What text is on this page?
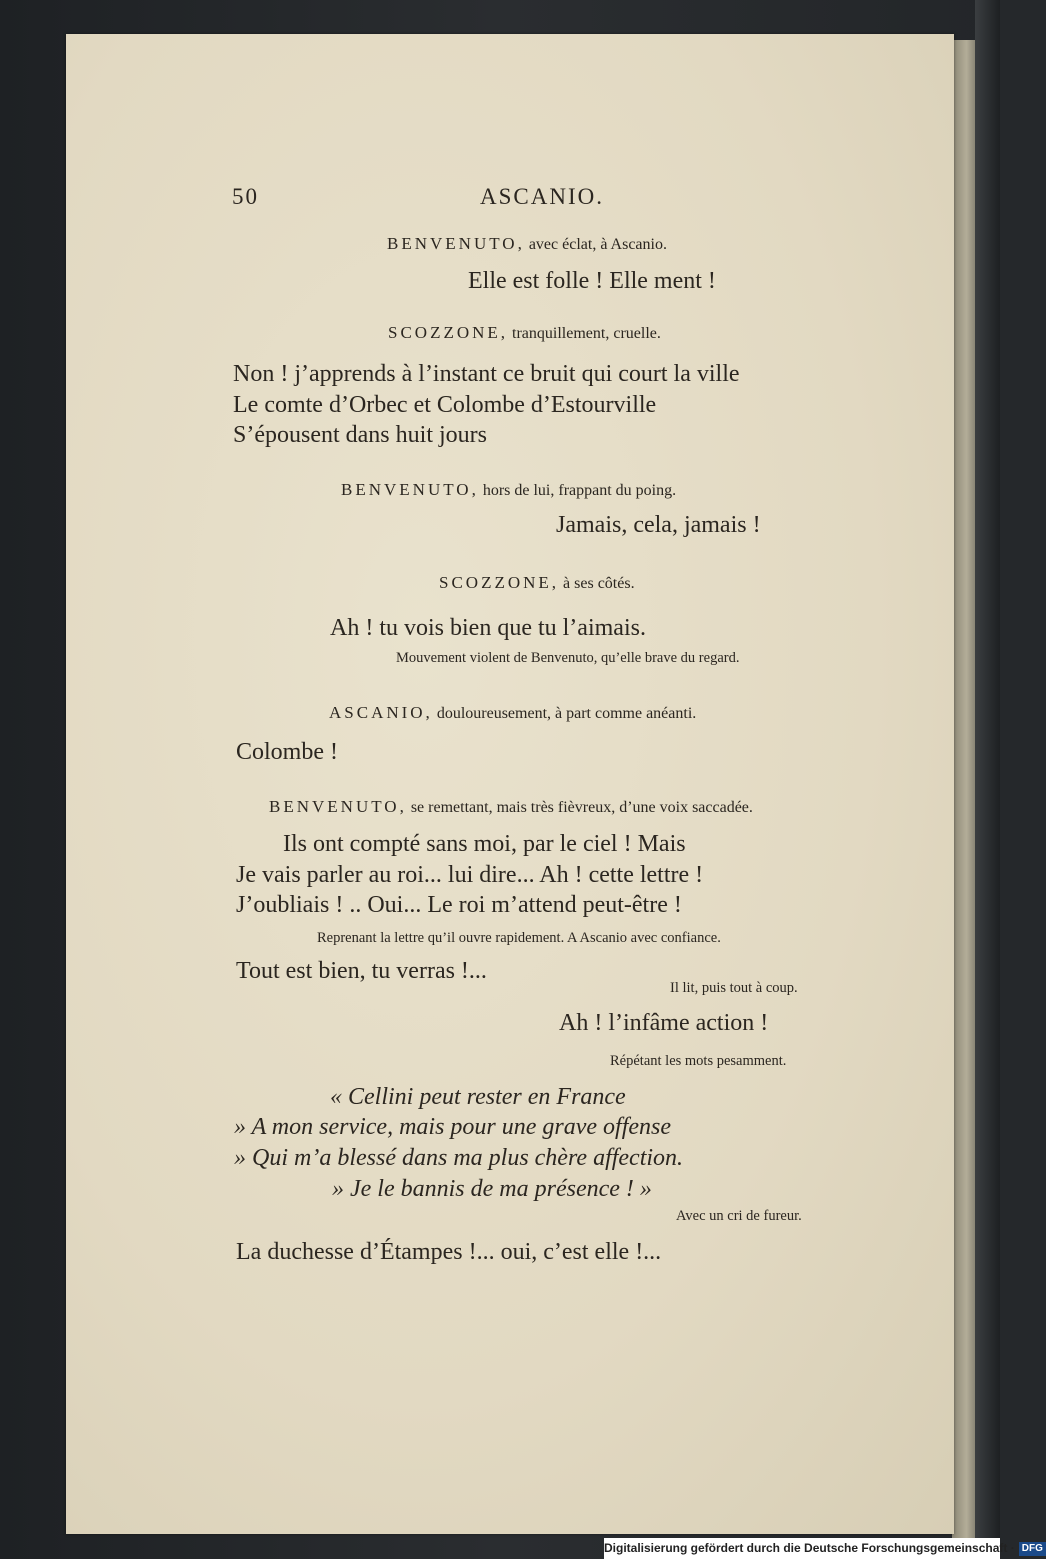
50	ASCANIO.

BENVENUTO, avec éclat, à Ascanio.

Elle est folle ! Elle ment !

SCOZZONE, tranquillement, cruelle.

Non ! j’apprends à l’instant ce bruit qui court la ville

Le comte d’Orbec et Colombe d’Estourville

S’épousent dans huit jours

BENVENUTO, hors de lui, frappant du poing.

Jamais, cela, jamais !

SCOZZONE, à ses côtés.

Ah ! tu vois bien que tu l’aimais.

Mouvement violent de Benvenuto, qu’elle brave du regard.

ASCANIO, douloureusement, à part comme anéanti.

Colombe !

BENVENUTO, se remettant, mais très fièvreux, d’une voix saccadée.

Ils ont compté sans moi, par le ciel ! Mais

Je vais parler au roi... lui dire... Ah ! cette lettre !

J’oubliais ! .. Oui... Le roi m’attend peut-être !

Reprenant la lettre qu’il ouvre rapidement. A Ascanio avec confiance.

Tout est bien, tu verras !...

Il lit, puis tout à coup.

Ah ! l’infâme action !

Répétant les mots pesamment.

« Cellini peut rester en France

» A mon service, mais pour une grave offense

» Qui m’a blessé dans ma plus chère affection.

» Je le bannis de ma présence ! »

Avec un cri de fureur.

La duchesse d’Étampes !... oui, c’est elle !...

Digitalisierung gefördert durch die Deutsche Forschungsgemeinschaft · DFG
